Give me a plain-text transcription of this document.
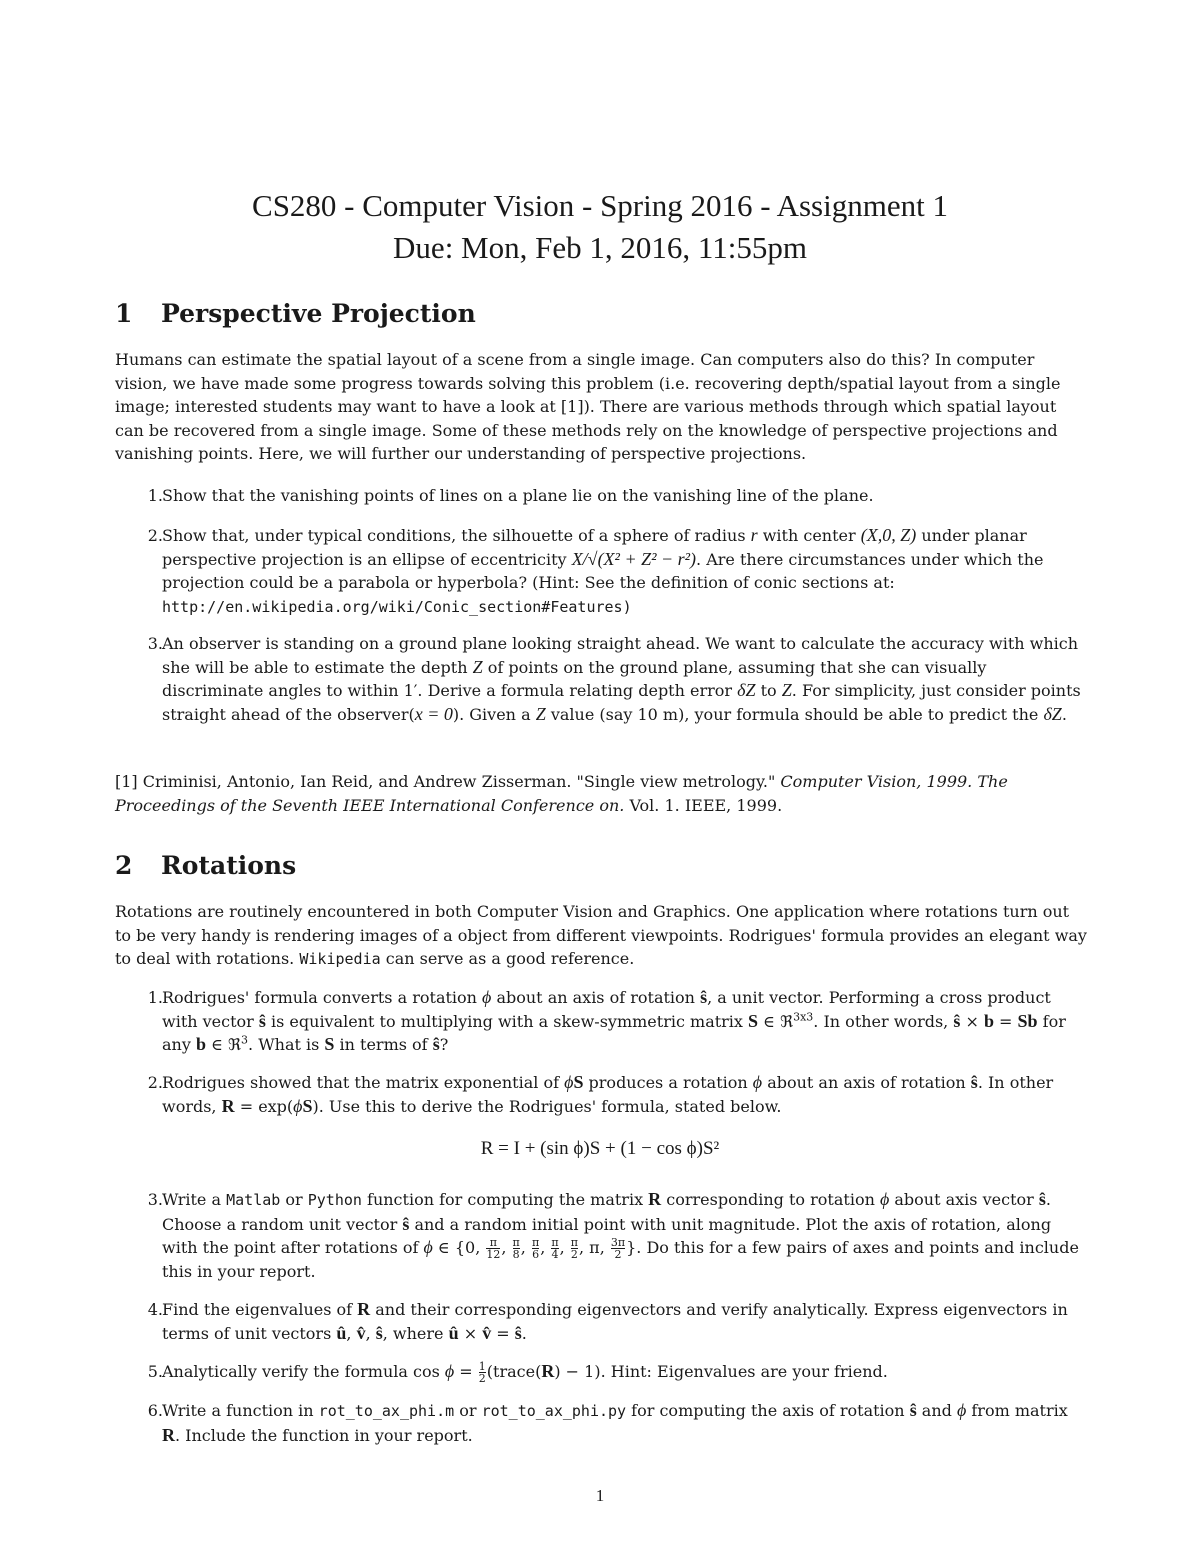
CS280 - Computer Vision - Spring 2016 - Assignment 1
Due: Mon, Feb 1, 2016, 11:55pm
1 Perspective Projection

Humans can estimate the spatial layout of a scene from a single image. Can computers also do this? In computer vision, we have made some progress towards solving this problem (i.e. recovering depth/spatial layout from a single image; interested students may want to have a look at [1]). There are various methods through which spatial layout can be recovered from a single image. Some of these methods rely on the knowledge of perspective projections and vanishing points. Here, we will further our understanding of perspective projections.

1. Show that the vanishing points of lines on a plane lie on the vanishing line of the plane.
2. Show that, under typical conditions, the silhouette of a sphere of radius r with center (X,0, Z) under planar perspective projection is an ellipse of eccentricity X/√(X² + Z² − r²). Are there circumstances under which the projection could be a parabola or hyperbola? (Hint: See the definition of conic sections at:
http://en.wikipedia.org/wiki/Conic_section#Features)
3. An observer is standing on a ground plane looking straight ahead. We want to calculate the accuracy with which she will be able to estimate the depth Z of points on the ground plane, assuming that she can visually discriminate angles to within 1′. Derive a formula relating depth error δZ to Z. For simplicity, just consider points straight ahead of the observer(x = 0). Given a Z value (say 10 m), your formula should be able to predict the δZ.

[1] Criminisi, Antonio, Ian Reid, and Andrew Zisserman. "Single view metrology." Computer Vision, 1999. The Proceedings of the Seventh IEEE International Conference on. Vol. 1. IEEE, 1999.

2 Rotations

Rotations are routinely encountered in both Computer Vision and Graphics. One application where rotations turn out to be very handy is rendering images of a object from different viewpoints. Rodrigues' formula provides an elegant way to deal with rotations. Wikipedia can serve as a good reference.

1. Rodrigues' formula converts a rotation ϕ about an axis of rotation ŝ, a unit vector. Performing a cross product with vector ŝ is equivalent to multiplying with a skew-symmetric matrix S ∈ ℜ$^{3x3}$. In other words, ŝ × b = Sb for any b ∈ ℜ$^3$. What is S in terms of ŝ?
2. Rodrigues showed that the matrix exponential of ϕS produces a rotation ϕ about an axis of rotation ŝ. In other words, R = exp(ϕS). Use this to derive the Rodrigues' formula, stated below.
R = I + (sin ϕ)S + (1 − cos ϕ)S²
3. Write a Matlab or Python function for computing the matrix R corresponding to rotation ϕ about axis vector ŝ. Choose a random unit vector ŝ and a random initial point with unit magnitude. Plot the axis of rotation, along with the point after rotations of ϕ ∈ {0, $\frac{\pi}{12}$ , $\frac{\pi}{8}$ , $\frac{\pi}{6}$ , $\frac{\pi}{4}$ , $\frac{\pi}{2}$ , π, $\frac{3\pi}{2}$ }. Do this for a few pairs of axes and points and include this in your report.
4. Find the eigenvalues of R and their corresponding eigenvectors and verify analytically. Express eigenvectors in terms of unit vectors û, v̂, ŝ, where û × v̂ = ŝ.
5. Analytically verify the formula $\cos \phi = \frac{1}{2}$ (trace(R) − 1). Hint: Eigenvalues are your friend.
6. Write a function in rot_to_ax_phi.m or rot_to_ax_phi.py for computing the axis of rotation ŝ and ϕ from matrix R. Include the function in your report.
1
